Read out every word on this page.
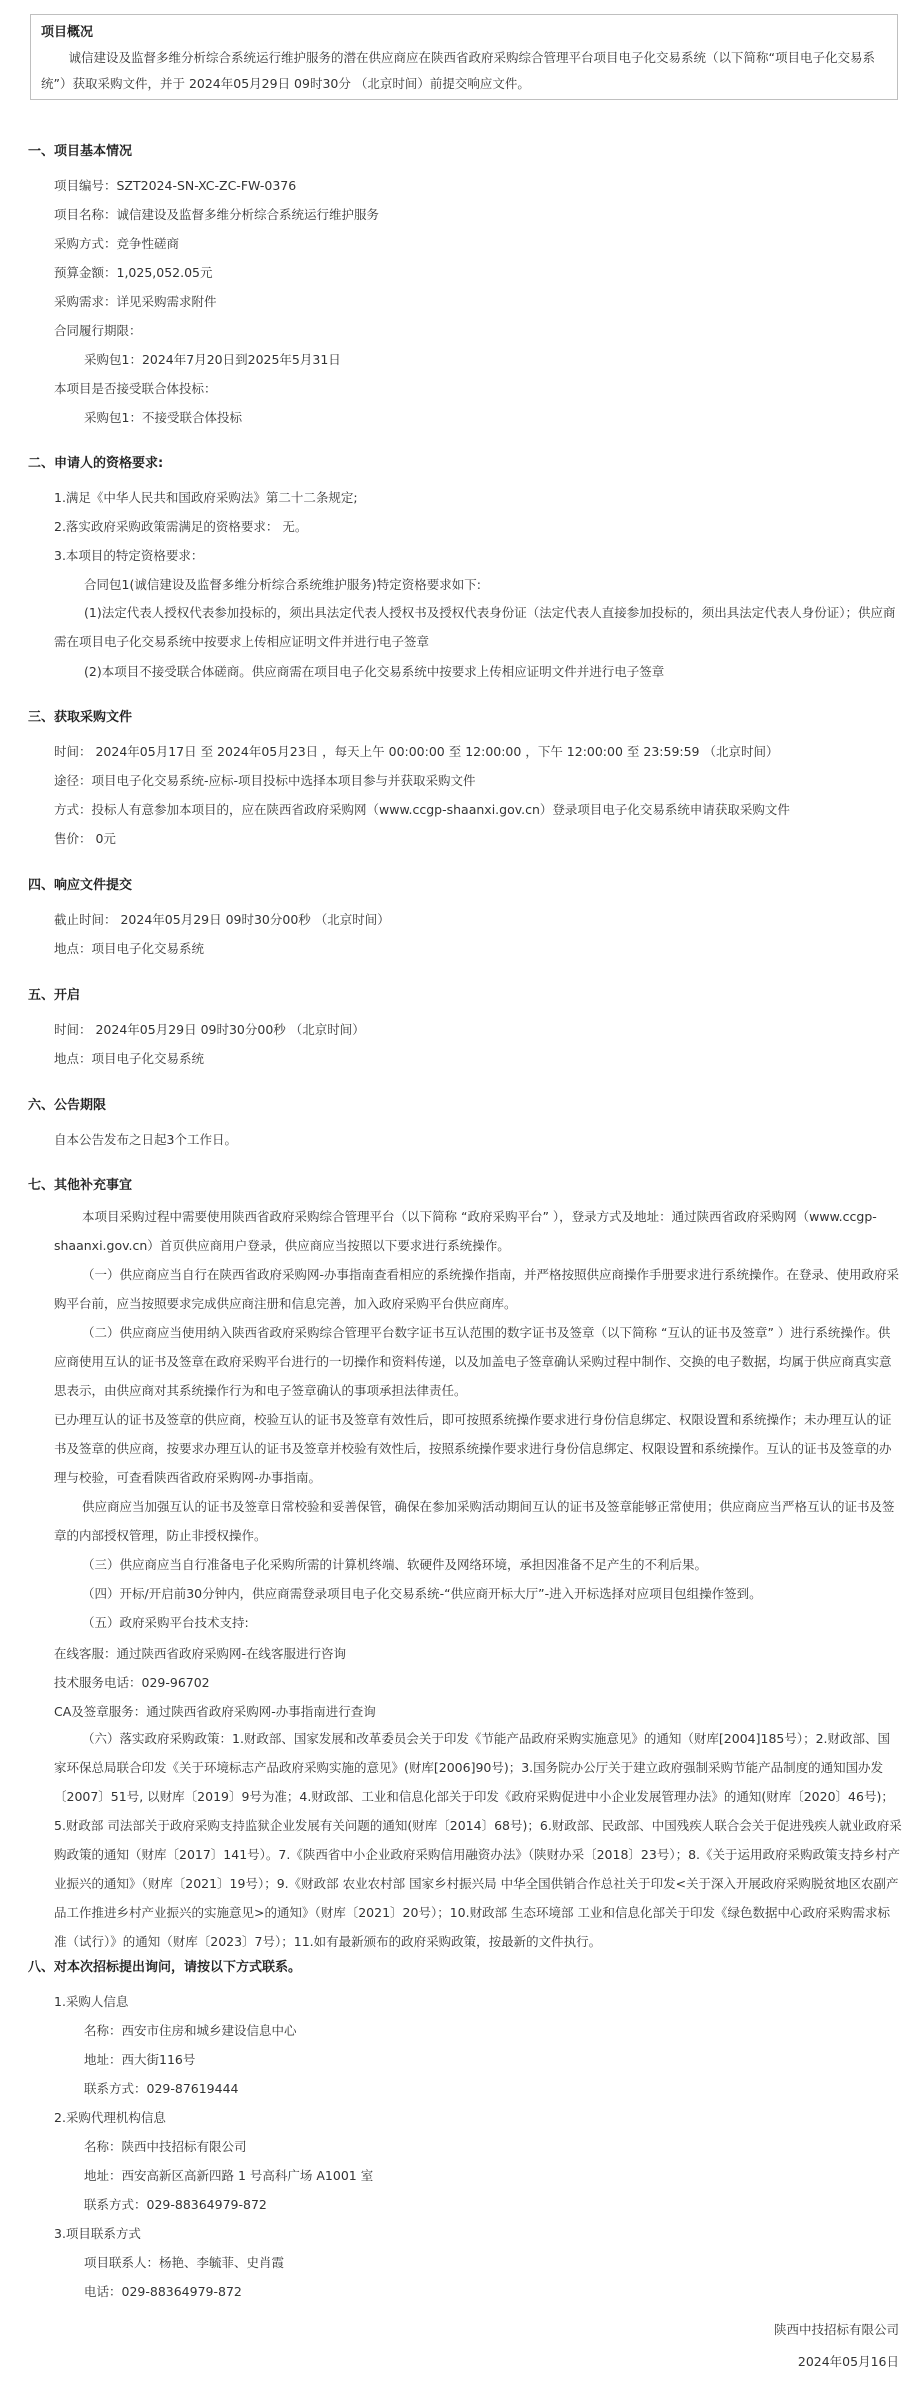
项目概况
诚信建设及监督多维分析综合系统运行维护服务的潜在供应商应在陕西省政府采购综合管理平台项目电子化交易系统（以下简称“项目电子化交易系统”）获取采购文件，并于 2024年05月29日 09时30分 （北京时间）前提交响应文件。
一、项目基本情况
项目编号：SZT2024-SN-XC-ZC-FW-0376
项目名称：诚信建设及监督多维分析综合系统运行维护服务
采购方式：竞争性磋商
预算金额：1,025,052.05元
采购需求：详见采购需求附件
合同履行期限：
采购包1：2024年7月20日到2025年5月31日
本项目是否接受联合体投标：
采购包1：不接受联合体投标
二、申请人的资格要求:
1.满足《中华人民共和国政府采购法》第二十二条规定;
2.落实政府采购政策需满足的资格要求： 无。
3.本项目的特定资格要求：
合同包1(诚信建设及监督多维分析综合系统维护服务)特定资格要求如下:
(1)法定代表人授权代表参加投标的，须出具法定代表人授权书及授权代表身份证（法定代表人直接参加投标的，须出具法定代表人身份证）；供应商需在项目电子化交易系统中按要求上传相应证明文件并进行电子签章
(2)本项目不接受联合体磋商。供应商需在项目电子化交易系统中按要求上传相应证明文件并进行电子签章
三、获取采购文件
时间： 2024年05月17日 至 2024年05月23日 ，每天上午 00:00:00 至 12:00:00 ，下午 12:00:00 至 23:59:59 （北京时间）
途径：项目电子化交易系统-应标-项目投标中选择本项目参与并获取采购文件
方式：投标人有意参加本项目的，应在陕西省政府采购网（www.ccgp-shaanxi.gov.cn）登录项目电子化交易系统申请获取采购文件
售价： 0元
四、响应文件提交
截止时间： 2024年05月29日 09时30分00秒 （北京时间）
地点：项目电子化交易系统
五、开启
时间： 2024年05月29日 09时30分00秒 （北京时间）
地点：项目电子化交易系统
六、公告期限
自本公告发布之日起3个工作日。
七、其他补充事宜
本项目采购过程中需要使用陕西省政府采购综合管理平台（以下简称 “政府采购平台” ），登录方式及地址：通过陕西省政府采购网（www.ccgp-shaanxi.gov.cn）首页供应商用户登录，供应商应当按照以下要求进行系统操作。
（一）供应商应当自行在陕西省政府采购网-办事指南查看相应的系统操作指南，并严格按照供应商操作手册要求进行系统操作。在登录、使用政府采购平台前，应当按照要求完成供应商注册和信息完善，加入政府采购平台供应商库。
（二）供应商应当使用纳入陕西省政府采购综合管理平台数字证书互认范围的数字证书及签章（以下简称 “互认的证书及签章” ）进行系统操作。供应商使用互认的证书及签章在政府采购平台进行的一切操作和资料传递，以及加盖电子签章确认采购过程中制作、交换的电子数据，均属于供应商真实意思表示，由供应商对其系统操作行为和电子签章确认的事项承担法律责任。
已办理互认的证书及签章的供应商，校验互认的证书及签章有效性后，即可按照系统操作要求进行身份信息绑定、权限设置和系统操作；未办理互认的证书及签章的供应商，按要求办理互认的证书及签章并校验有效性后，按照系统操作要求进行身份信息绑定、权限设置和系统操作。互认的证书及签章的办理与校验，可查看陕西省政府采购网-办事指南。
供应商应当加强互认的证书及签章日常校验和妥善保管，确保在参加采购活动期间互认的证书及签章能够正常使用；供应商应当严格互认的证书及签章的内部授权管理，防止非授权操作。
（三）供应商应当自行准备电子化采购所需的计算机终端、软硬件及网络环境，承担因准备不足产生的不利后果。
（四）开标/开启前30分钟内，供应商需登录项目电子化交易系统-“供应商开标大厅”-进入开标选择对应项目包组操作签到。
（五）政府采购平台技术支持:
在线客服：通过陕西省政府采购网-在线客服进行咨询
技术服务电话：029-96702
CA及签章服务：通过陕西省政府采购网-办事指南进行查询
（六）落实政府采购政策：1.财政部、国家发展和改革委员会关于印发《节能产品政府采购实施意见》的通知（财库[2004]185号）；2.财政部、国家环保总局联合印发《关于环境标志产品政府采购实施的意见》(财库[2006]90号)；3.国务院办公厅关于建立政府强制采购节能产品制度的通知国办发〔2007〕51号, 以财库〔2019〕9号为准；4.财政部、工业和信息化部关于印发《政府采购促进中小企业发展管理办法》的通知(财库〔2020〕46号)；5.财政部 司法部关于政府采购支持监狱企业发展有关问题的通知(财库〔2014〕68号)；6.财政部、民政部、中国残疾人联合会关于促进残疾人就业政府采购政策的通知（财库〔2017〕141号）。7.《陕西省中小企业政府采购信用融资办法》（陕财办采〔2018〕23号）；8.《关于运用政府采购政策支持乡村产业振兴的通知》（财库〔2021〕19号）；9.《财政部 农业农村部 国家乡村振兴局 中华全国供销合作总社关于印发<关于深入开展政府采购脱贫地区农副产品工作推进乡村产业振兴的实施意见>的通知》（财库〔2021〕20号）；10.财政部 生态环境部 工业和信息化部关于印发《绿色数据中心政府采购需求标准（试行）》的通知（财库〔2023〕7号）；11.如有最新颁布的政府采购政策，按最新的文件执行。
八、对本次招标提出询问，请按以下方式联系。
1.采购人信息
名称：西安市住房和城乡建设信息中心
地址：西大街116号
联系方式：029-87619444
2.采购代理机构信息
名称：陕西中技招标有限公司
地址：西安高新区高新四路 1 号高科广场 A1001 室
联系方式：029-88364979-872
3.项目联系方式
项目联系人：杨艳、李毓菲、史肖霞
电话：029-88364979-872
陕西中技招标有限公司
2024年05月16日
